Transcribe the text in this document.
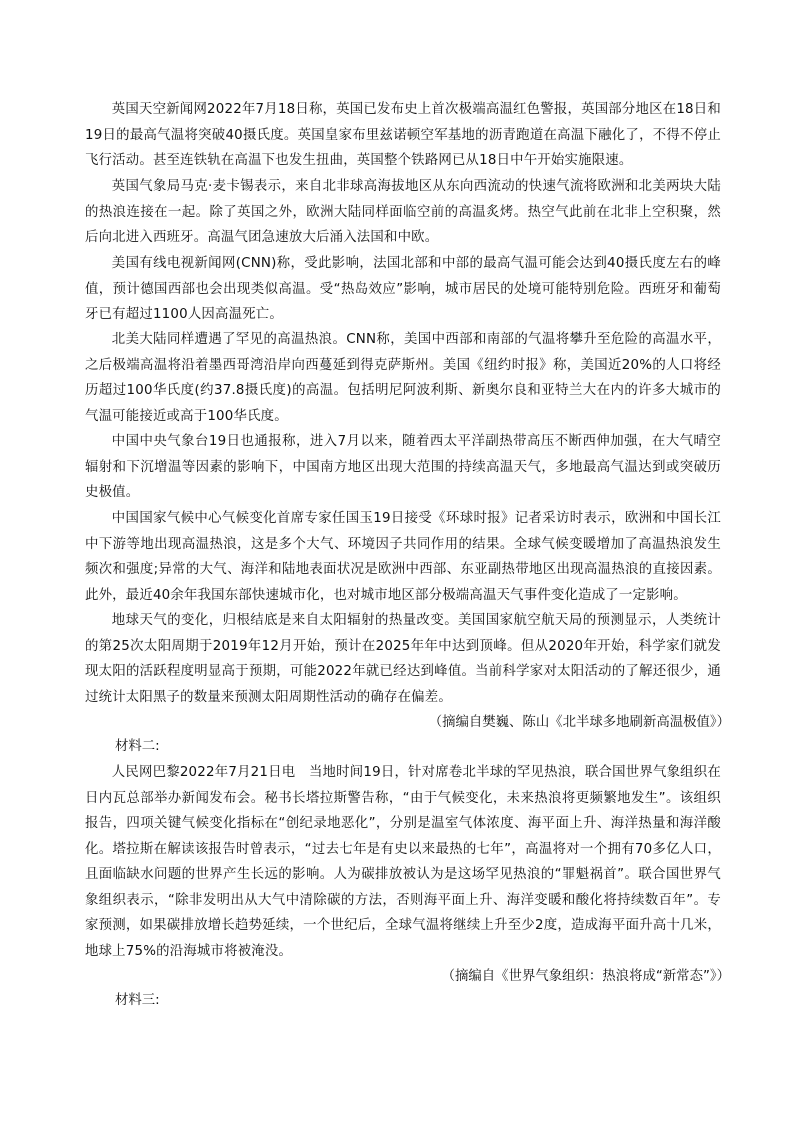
英国天空新闻网2022年7月18日称，英国已发布史上首次极端高温红色警报，英国部分地区在18日和19日的最高气温将突破40摄氏度。英国皇家布里兹诺顿空军基地的沥青跑道在高温下融化了，不得不停止飞行活动。甚至连铁轨在高温下也发生扭曲，英国整个铁路网已从18日中午开始实施限速。

英国气象局马克·麦卡锡表示，来自北非球高海拔地区从东向西流动的快速气流将欧洲和北美两块大陆的热浪连接在一起。除了英国之外，欧洲大陆同样面临空前的高温炙烤。热空气此前在北非上空积聚，然后向北进入西班牙。高温气团急速放大后涌入法国和中欧。

美国有线电视新闻网(CNN)称，受此影响，法国北部和中部的最高气温可能会达到40摄氏度左右的峰值，预计德国西部也会出现类似高温。受“热岛效应”影响，城市居民的处境可能特别危险。西班牙和葡萄牙已有超过1100人因高温死亡。

北美大陆同样遭遇了罕见的高温热浪。CNN称，美国中西部和南部的气温将攀升至危险的高温水平，之后极端高温将沿着墨西哥湾沿岸向西蔓延到得克萨斯州。美国《纽约时报》称，美国近20%的人口将经历超过100华氏度(约37.8摄氏度)的高温。包括明尼阿波利斯、新奥尔良和亚特兰大在内的许多大城市的气温可能接近或高于100华氏度。

中国中央气象台19日也通报称，进入7月以来，随着西太平洋副热带高压不断西伸加强，在大气晴空辐射和下沉增温等因素的影响下，中国南方地区出现大范围的持续高温天气，多地最高气温达到或突破历史极值。

中国国家气候中心气候变化首席专家任国玉19日接受《环球时报》记者采访时表示，欧洲和中国长江中下游等地出现高温热浪，这是多个大气、环境因子共同作用的结果。全球气候变暖增加了高温热浪发生频次和强度;异常的大气、海洋和陆地表面状况是欧洲中西部、东亚副热带地区出现高温热浪的直接因素。此外，最近40余年我国东部快速城市化，也对城市地区部分极端高温天气事件变化造成了一定影响。

地球天气的变化，归根结底是来自太阳辐射的热量改变。美国国家航空航天局的预测显示，人类统计的第25次太阳周期于2019年12月开始，预计在2025年年中达到顶峰。但从2020年开始，科学家们就发现太阳的活跃程度明显高于预期，可能2022年就已经达到峰值。当前科学家对太阳活动的了解还很少，通过统计太阳黑子的数量来预测太阳周期性活动的确存在偏差。

（摘编自樊巍、陈山《北半球多地刷新高温极值》）

材料二:

人民网巴黎2022年7月21日电　当地时间19日，针对席卷北半球的罕见热浪，联合国世界气象组织在日内瓦总部举办新闻发布会。秘书长塔拉斯警告称，“由于气候变化，未来热浪将更频繁地发生”。该组织报告，四项关键气候变化指标在“创纪录地恶化”，分别是温室气体浓度、海平面上升、海洋热量和海洋酸化。塔拉斯在解读该报告时曾表示，“过去七年是有史以来最热的七年”，高温将对一个拥有70多亿人口，且面临缺水问题的世界产生长远的影响。人为碳排放被认为是这场罕见热浪的“罪魁祸首”。联合国世界气象组织表示，“除非发明出从大气中清除碳的方法，否则海平面上升、海洋变暖和酸化将持续数百年”。专家预测，如果碳排放增长趋势延续，一个世纪后，全球气温将继续上升至少2度，造成海平面升高十几米，地球上75%的沿海城市将被淹没。

（摘编自《世界气象组织：热浪将成“新常态”》）

材料三:
